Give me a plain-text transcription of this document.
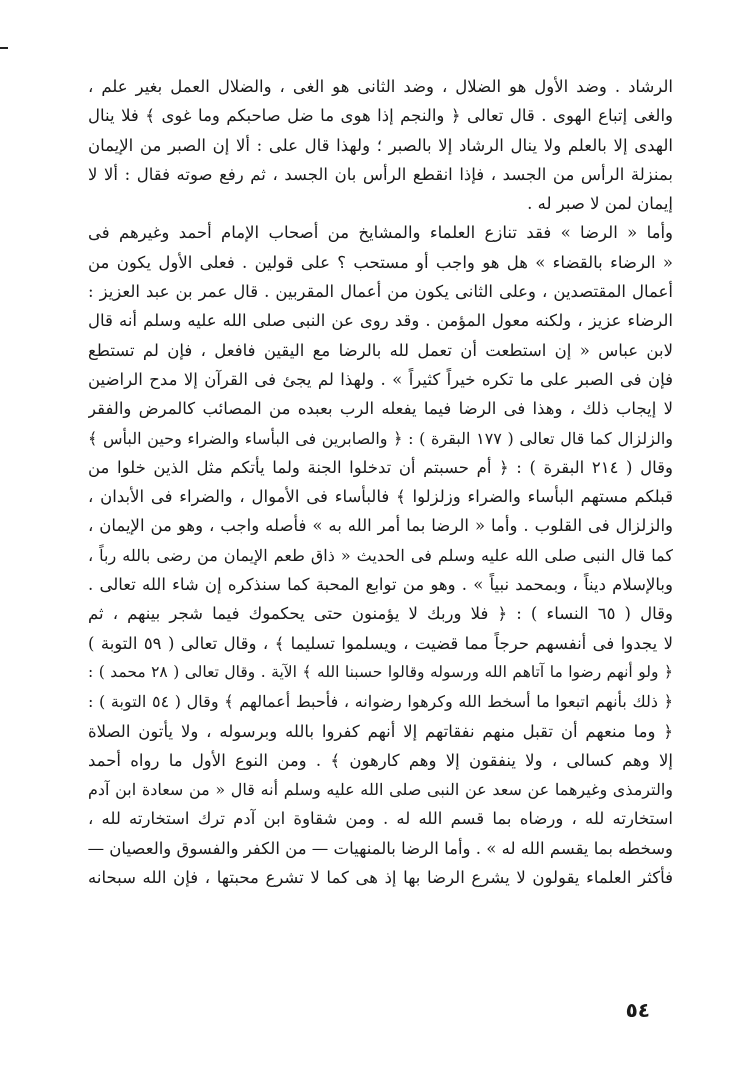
الرشاد . وضد الأول هو الضلال ، وضد الثانى هو الغى ، والضلال العمل بغير علم ،
والغى إتباع الهوى . قال تعالى ﴿ والنجم إذا هوى ما ضل صاحبكم وما غوى ﴾ فلا ينال
الهدى إلا بالعلم ولا ينال الرشاد إلا بالصبر ؛ ولهذا قال على : ألا إن الصبر من الإيمان
بمنزلة الرأس من الجسد ، فإذا انقطع الرأس بان الجسد ، ثم رفع صوته فقال : ألا لا
إيمان لمن لا صبر له .
وأما « الرضا » فقد تنازع العلماء والمشايخ من أصحاب الإمام أحمد وغيرهم فى
« الرضاء بالقضاء » هل هو واجب أو مستحب ؟ على قولين . فعلى الأول يكون من
أعمال المقتصدين ، وعلى الثانى يكون من أعمال المقربين . قال عمر بن عبد العزيز :
الرضاء عزيز ، ولكنه معول المؤمن . وقد روى عن النبى صلى الله عليه وسلم أنه قال
لابن عباس « إن استطعت أن تعمل لله بالرضا مع اليقين فافعل ، فإن لم تستطع
فإن فى الصبر على ما تكره خيراً كثيراً » . ولهذا لم يجئ فى القرآن إلا مدح الراضين
لا إيجاب ذلك ، وهذا فى الرضا فيما يفعله الرب بعبده من المصائب كالمرض والفقر
والزلزال كما قال تعالى ( ١٧٧ البقرة ) : ﴿ والصابرين فى البأساء والضراء وحين البأس ﴾
وقال ( ٢١٤ البقرة ) : ﴿ أم حسبتم أن تدخلوا الجنة ولما يأتكم مثل الذين خلوا من
قبلكم مستهم البأساء والضراء وزلزلوا ﴾ فالبأساء فى الأموال ، والضراء فى الأبدان ،
والزلزال فى القلوب . وأما « الرضا بما أمر الله به » فأصله واجب ، وهو من الإيمان ،
كما قال النبى صلى الله عليه وسلم فى الحديث « ذاق طعم الإيمان من رضى بالله رباً ،
وبالإسلام ديناً ، وبمحمد نبياً » . وهو من توابع المحبة كما سنذكره إن شاء الله تعالى .
وقال ( ٦٥ النساء ) : ﴿ فلا وربك لا يؤمنون حتى يحكموك فيما شجر بينهم ، ثم
لا يجدوا فى أنفسهم حرجاً مما قضيت ، ويسلموا تسليما ﴾ ، وقال تعالى ( ٥٩ التوبة )
﴿ ولو أنهم رضوا ما آتاهم الله ورسوله وقالوا حسبنا الله ﴾ الآية . وقال تعالى ( ٢٨ محمد ) :
﴿ ذلك بأنهم اتبعوا ما أسخط الله وكرهوا رضوانه ، فأحبط أعمالهم ﴾ وقال ( ٥٤ التوبة ) :
﴿ وما منعهم أن تقبل منهم نفقاتهم إلا أنهم كفروا بالله وبرسوله ، ولا يأتون الصلاة
إلا وهم كسالى ، ولا ينفقون إلا وهم كارهون ﴾ . ومن النوع الأول ما رواه أحمد
والترمذى وغيرهما عن سعد عن النبى صلى الله عليه وسلم أنه قال « من سعادة ابن آدم
استخارته لله ، ورضاه بما قسم الله له . ومن شقاوة ابن آدم ترك استخارته لله ،
وسخطه بما يقسم الله له » . وأما الرضا بالمنهيات — من الكفر والفسوق والعصيان —
فأكثر العلماء يقولون لا يشرع الرضا بها إذ هى كما لا تشرع محبتها ، فإن الله سبحانه
٥٤
